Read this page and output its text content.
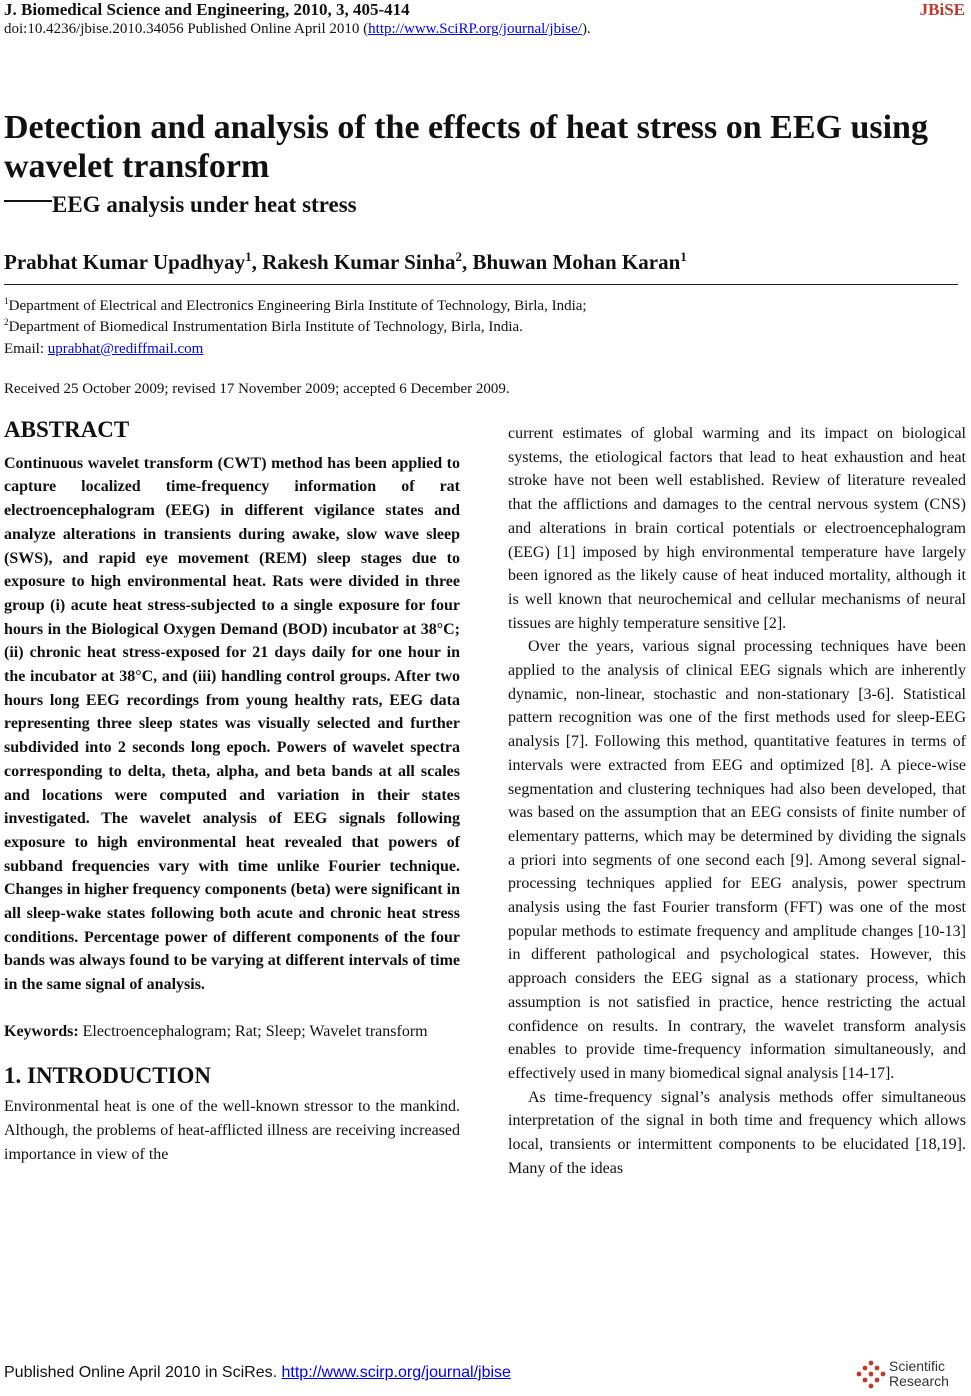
J. Biomedical Science and Engineering, 2010, 3, 405-414	JBiSE
doi:10.4236/jbise.2010.34056 Published Online April 2010 (http://www.SciRP.org/journal/jbise/).
Detection and analysis of the effects of heat stress on EEG using wavelet transform
EEG analysis under heat stress
Prabhat Kumar Upadhyay$^1$, Rakesh Kumar Sinha$^2$, Bhuwan Mohan Karan$^1$
$^1$Department of Electrical and Electronics Engineering Birla Institute of Technology, Birla, India;
$^2$Department of Biomedical Instrumentation Birla Institute of Technology, Birla, India.
Email: uprabhat@rediffmail.com
Received 25 October 2009; revised 17 November 2009; accepted 6 December 2009.
ABSTRACT
Continuous wavelet transform (CWT) method has been applied to capture localized time-frequency information of rat electroencephalogram (EEG) in different vigilance states and analyze alterations in transients during awake, slow wave sleep (SWS), and rapid eye movement (REM) sleep stages due to exposure to high environmental heat. Rats were divided in three group (i) acute heat stress-subjected to a single exposure for four hours in the Biological Oxygen Demand (BOD) incubator at 38°C; (ii) chronic heat stress-exposed for 21 days daily for one hour in the incubator at 38°C, and (iii) handling control groups. After two hours long EEG recordings from young healthy rats, EEG data representing three sleep states was visually selected and further subdivided into 2 seconds long epoch. Powers of wavelet spectra corresponding to delta, theta, alpha, and beta bands at all scales and locations were computed and variation in their states investigated. The wavelet analysis of EEG signals following exposure to high environmental heat revealed that powers of subband frequencies vary with time unlike Fourier technique. Changes in higher frequency components (beta) were significant in all sleep-wake states following both acute and chronic heat stress conditions. Percentage power of different components of the four bands was always found to be varying at different intervals of time in the same signal of analysis.
Keywords: Electroencephalogram; Rat; Sleep; Wavelet transform
1. INTRODUCTION
Environmental heat is one of the well-known stressor to the mankind. Although, the problems of heat-afflicted illness are receiving increased importance in view of the
current estimates of global warming and its impact on biological systems, the etiological factors that lead to heat exhaustion and heat stroke have not been well established. Review of literature revealed that the afflictions and damages to the central nervous system (CNS) and alterations in brain cortical potentials or electroencephalogram (EEG) [1] imposed by high environmental temperature have largely been ignored as the likely cause of heat induced mortality, although it is well known that neurochemical and cellular mechanisms of neural tissues are highly temperature sensitive [2].
Over the years, various signal processing techniques have been applied to the analysis of clinical EEG signals which are inherently dynamic, non-linear, stochastic and non-stationary [3-6]. Statistical pattern recognition was one of the first methods used for sleep-EEG analysis [7]. Following this method, quantitative features in terms of intervals were extracted from EEG and optimized [8]. A piece-wise segmentation and clustering techniques had also been developed, that was based on the assumption that an EEG consists of finite number of elementary patterns, which may be determined by dividing the signals a priori into segments of one second each [9]. Among several signal-processing techniques applied for EEG analysis, power spectrum analysis using the fast Fourier transform (FFT) was one of the most popular methods to estimate frequency and amplitude changes [10-13] in different pathological and psychological states. However, this approach considers the EEG signal as a stationary process, which assumption is not satisfied in practice, hence restricting the actual confidence on results. In contrary, the wavelet transform analysis enables to provide time-frequency information simultaneously, and effectively used in many biomedical signal analysis [14-17].
As time-frequency signal’s analysis methods offer simultaneous interpretation of the signal in both time and frequency which allows local, transients or intermittent components to be elucidated [18,19]. Many of the ideas
Published Online April 2010 in SciRes. http://www.scirp.org/journal/jbise	Scientific
Research
